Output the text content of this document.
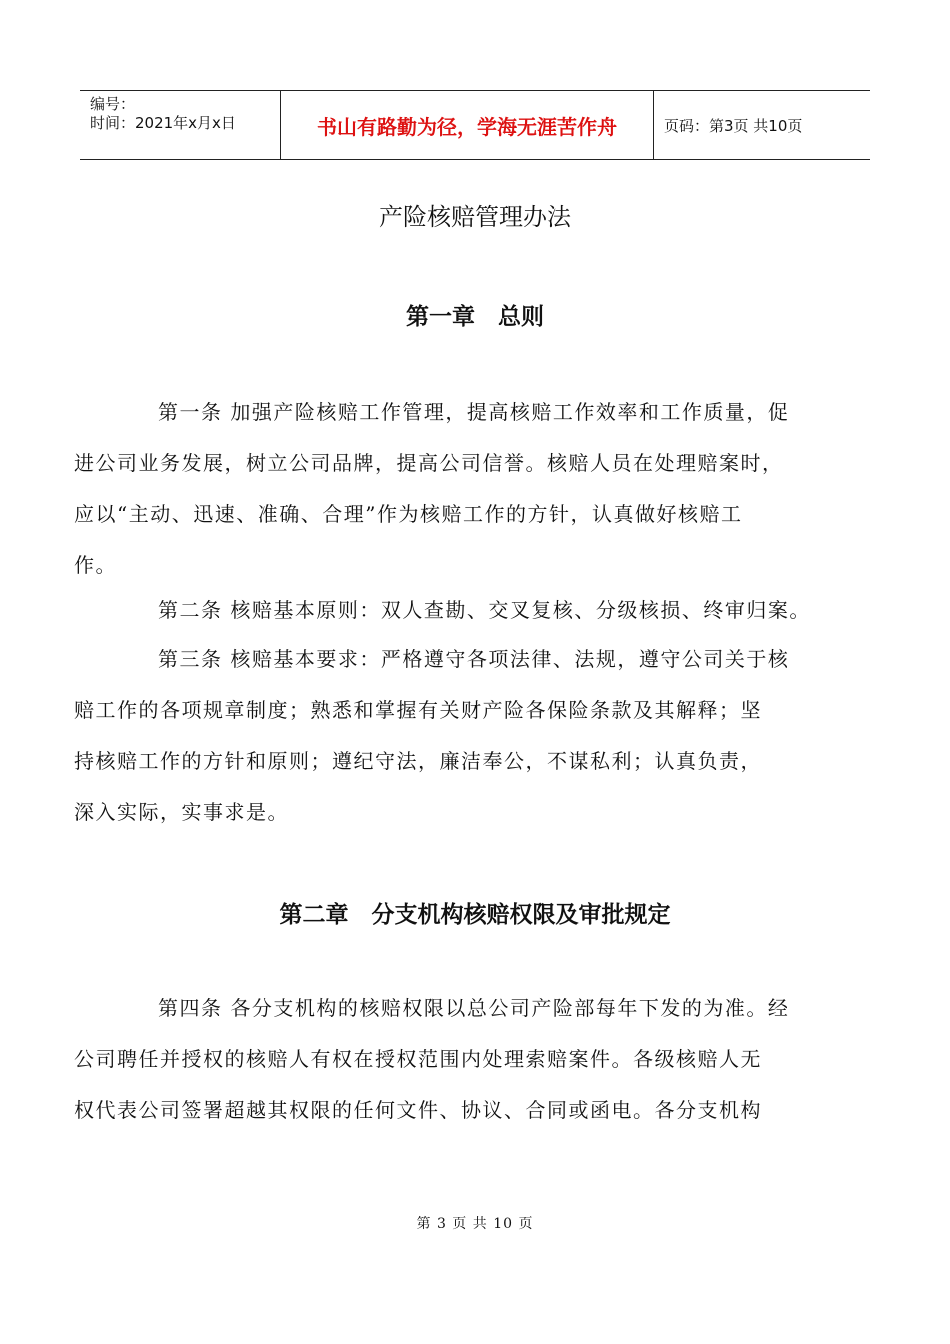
编号：
时间：2021年x月x日	书山有路勤为径，学海无涯苦作舟	页码：第3页 共10页
产险核赔管理办法
第一章　总则

第一条 加强产险核赔工作管理，提高核赔工作效率和工作质量，促
进公司业务发展，树立公司品牌，提高公司信誉。核赔人员在处理赔案时，
应以“主动、迅速、准确、合理”作为核赔工作的方针，认真做好核赔工
作。

第二条 核赔基本原则：双人查勘、交叉复核、分级核损、终审归案。

第三条 核赔基本要求：严格遵守各项法律、法规，遵守公司关于核
赔工作的各项规章制度；熟悉和掌握有关财产险各保险条款及其解释；坚
持核赔工作的方针和原则；遵纪守法，廉洁奉公，不谋私利；认真负责，
深入实际，实事求是。

第二章　分支机构核赔权限及审批规定

第四条 各分支机构的核赔权限以总公司产险部每年下发的为准。经
公司聘任并授权的核赔人有权在授权范围内处理索赔案件。各级核赔人无
权代表公司签署超越其权限的任何文件、协议、合同或函电。各分支机构

第 3 页 共 10 页
